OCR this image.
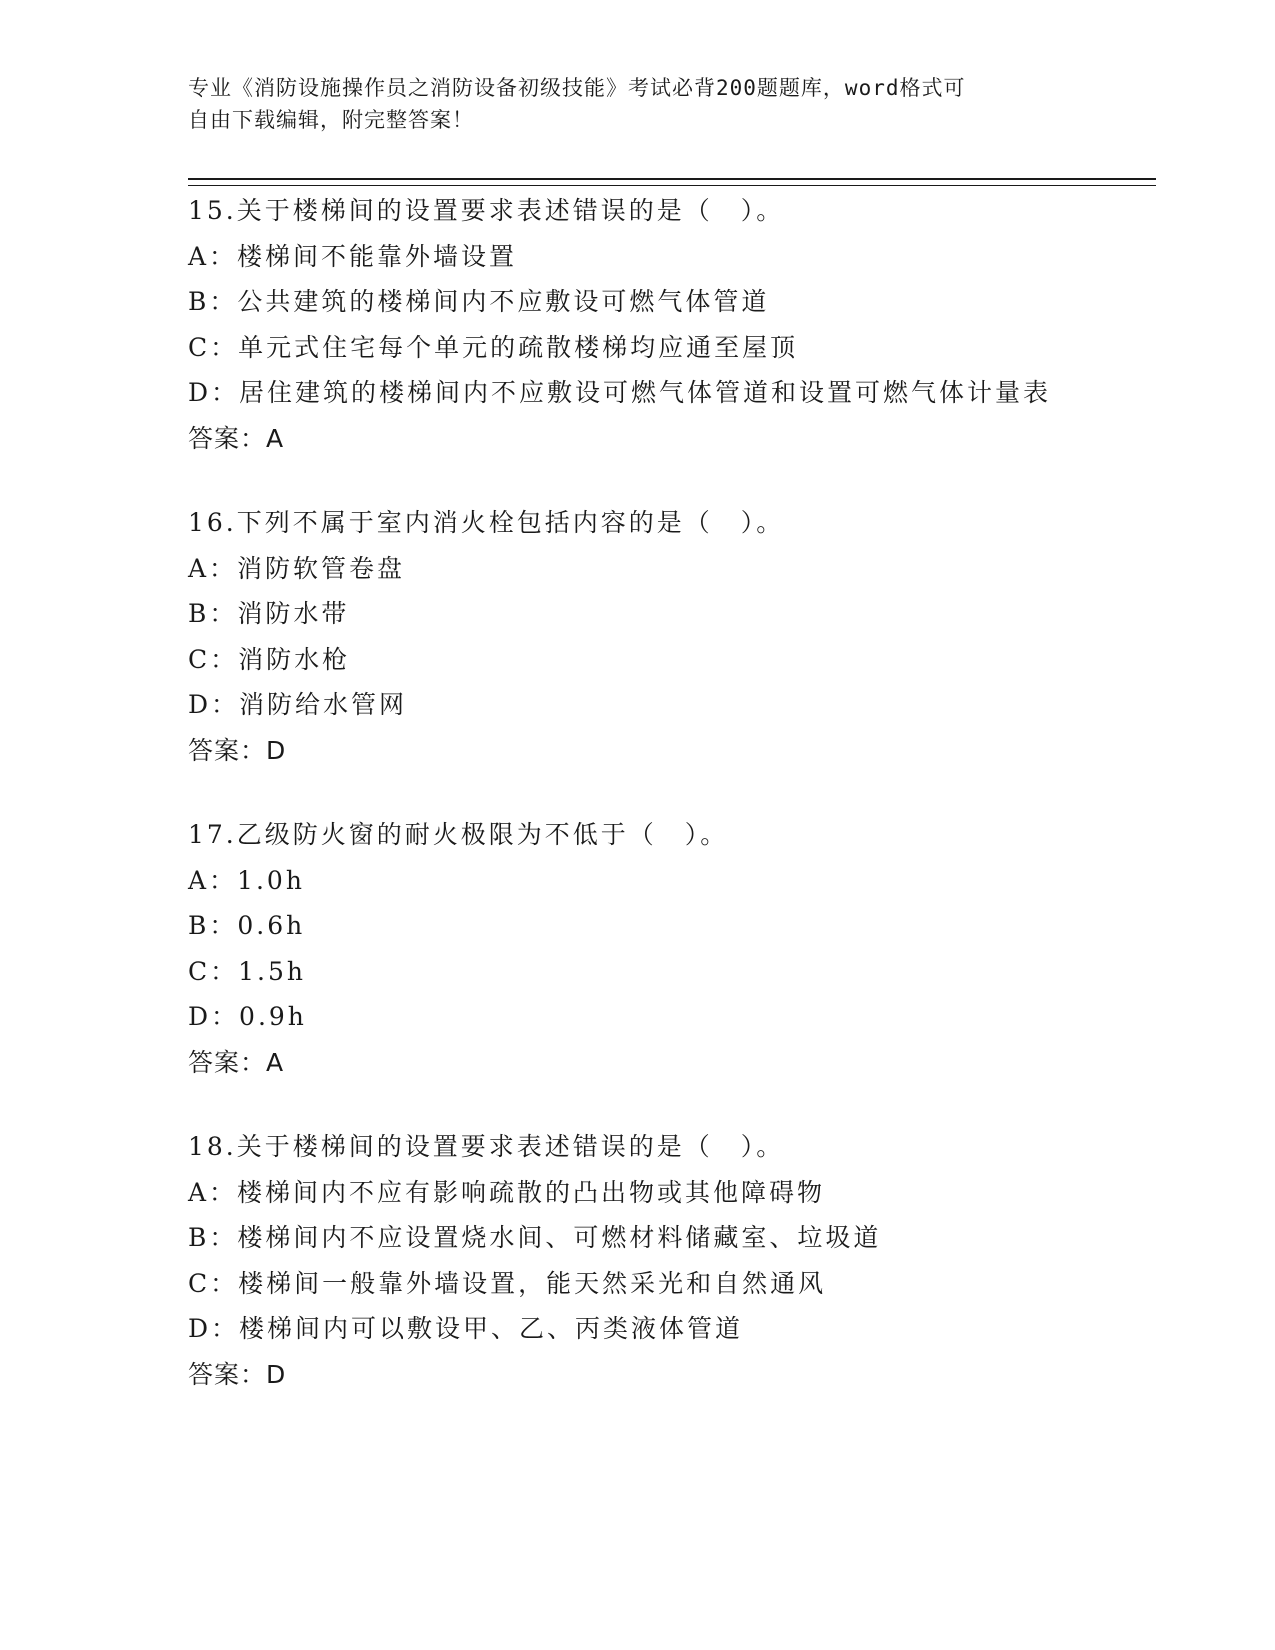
专业《消防设施操作员之消防设备初级技能》考试必背200题题库，word格式可
自由下载编辑，附完整答案！
15.关于楼梯间的设置要求表述错误的是（　）。
A：楼梯间不能靠外墙设置
B：公共建筑的楼梯间内不应敷设可燃气体管道
C：单元式住宅每个单元的疏散楼梯均应通至屋顶
D：居住建筑的楼梯间内不应敷设可燃气体管道和设置可燃气体计量表
答案：A
16.下列不属于室内消火栓包括内容的是（　）。
A：消防软管卷盘
B：消防水带
C：消防水枪
D：消防给水管网
答案：D
17.乙级防火窗的耐火极限为不低于（　）。
A：1.0h
B：0.6h
C：1.5h
D：0.9h
答案：A
18.关于楼梯间的设置要求表述错误的是（　）。
A：楼梯间内不应有影响疏散的凸出物或其他障碍物
B：楼梯间内不应设置烧水间、可燃材料储藏室、垃圾道
C：楼梯间一般靠外墙设置，能天然采光和自然通风
D：楼梯间内可以敷设甲、乙、丙类液体管道
答案：D
